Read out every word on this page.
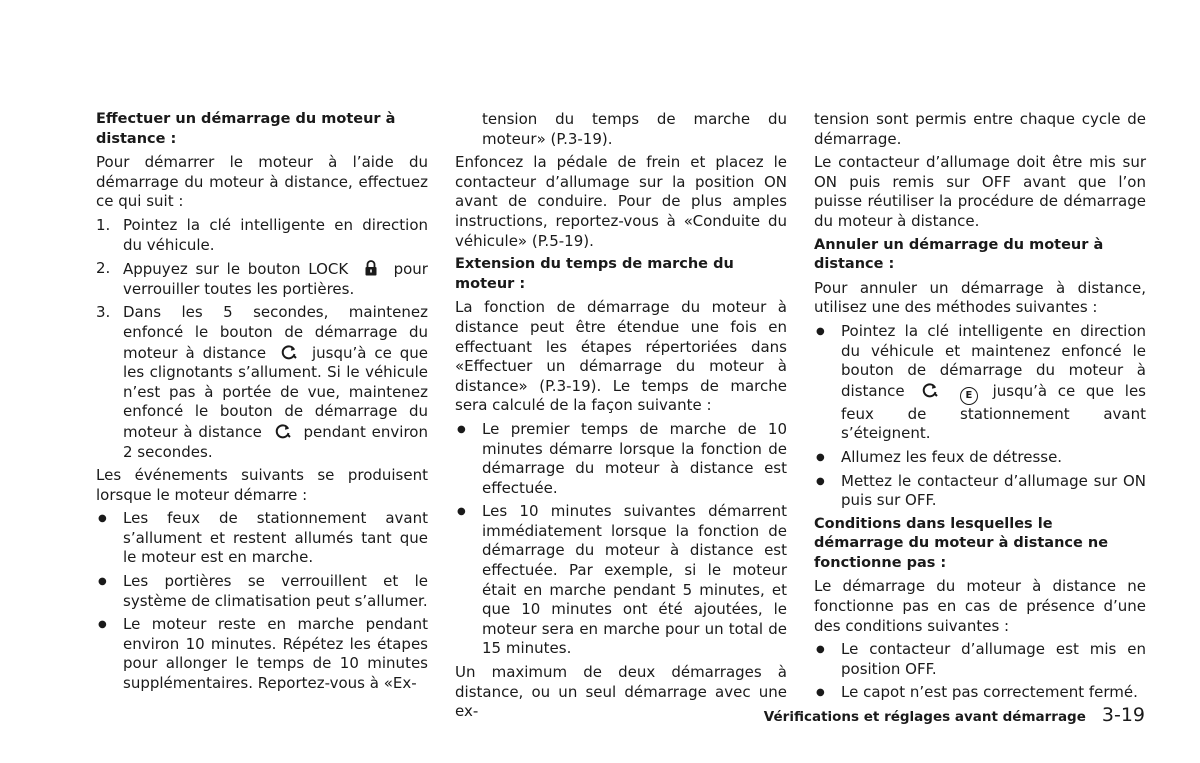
Effectuer un démarrage du moteur à distance :

Pour démarrer le moteur à l’aide du démarrage du moteur à distance, effectuez ce qui suit :

1. Pointez la clé intelligente en direction du véhicule.
2. Appuyez sur le bouton LOCK	pour verrouiller toutes les portières.
3. Dans les 5 secondes, maintenez enfoncé le bouton de démarrage du moteur à distance	jusqu’à ce que les clignotants s’allument. Si le véhicule n’est pas à portée de vue, maintenez enfoncé le bouton de démarrage du moteur à distance	pendant environ 2 secondes.

Les événements suivants se produisent lorsque le moteur démarre :

● Les feux de stationnement avant s’allument et restent allumés tant que le moteur est en marche.
● Les portières se verrouillent et le système de climatisation peut s’allumer.
● Le moteur reste en marche pendant environ 10 minutes. Répétez les étapes pour allonger le temps de 10 minutes supplémentaires. Reportez-vous à «Ex-
tension du temps de marche du moteur» (P.3-19).

Enfoncez la pédale de frein et placez le contacteur d’allumage sur la position ON avant de conduire. Pour de plus amples instructions, reportez-vous à «Conduite du véhicule» (P.5-19).

Extension du temps de marche du moteur :

La fonction de démarrage du moteur à distance peut être étendue une fois en effectuant les étapes répertoriées dans «Effectuer un démarrage du moteur à distance» (P.3-19). Le temps de marche sera calculé de la façon suivante :

● Le premier temps de marche de 10 minutes démarre lorsque la fonction de démarrage du moteur à distance est effectuée.
● Les 10 minutes suivantes démarrent immédiatement lorsque la fonction de démarrage du moteur à distance est effectuée. Par exemple, si le moteur était en marche pendant 5 minutes, et que 10 minutes ont été ajoutées, le moteur sera en marche pour un total de 15 minutes.

Un maximum de deux démarrages à distance, ou un seul démarrage avec une ex-

tension sont permis entre chaque cycle de démarrage.

Le contacteur d’allumage doit être mis sur ON puis remis sur OFF avant que l’on puisse réutiliser la procédure de démarrage du moteur à distance.

Annuler un démarrage du moteur à distance :

Pour annuler un démarrage à distance, utilisez une des méthodes suivantes :

● Pointez la clé intelligente en direction du véhicule et maintenez enfoncé le bouton de démarrage du moteur à distance	E jusqu’à ce que les feux de stationnement avant s’éteignent.
● Allumez les feux de détresse.
● Mettez le contacteur d’allumage sur ON puis sur OFF.
Conditions dans lesquelles le démarrage du moteur à distance ne fonctionne pas :

Le démarrage du moteur à distance ne fonctionne pas en cas de présence d’une des conditions suivantes :

● Le contacteur d’allumage est mis en position OFF.
● Le capot n’est pas correctement fermé.
Vérifications et réglages avant démarrage 3-19
